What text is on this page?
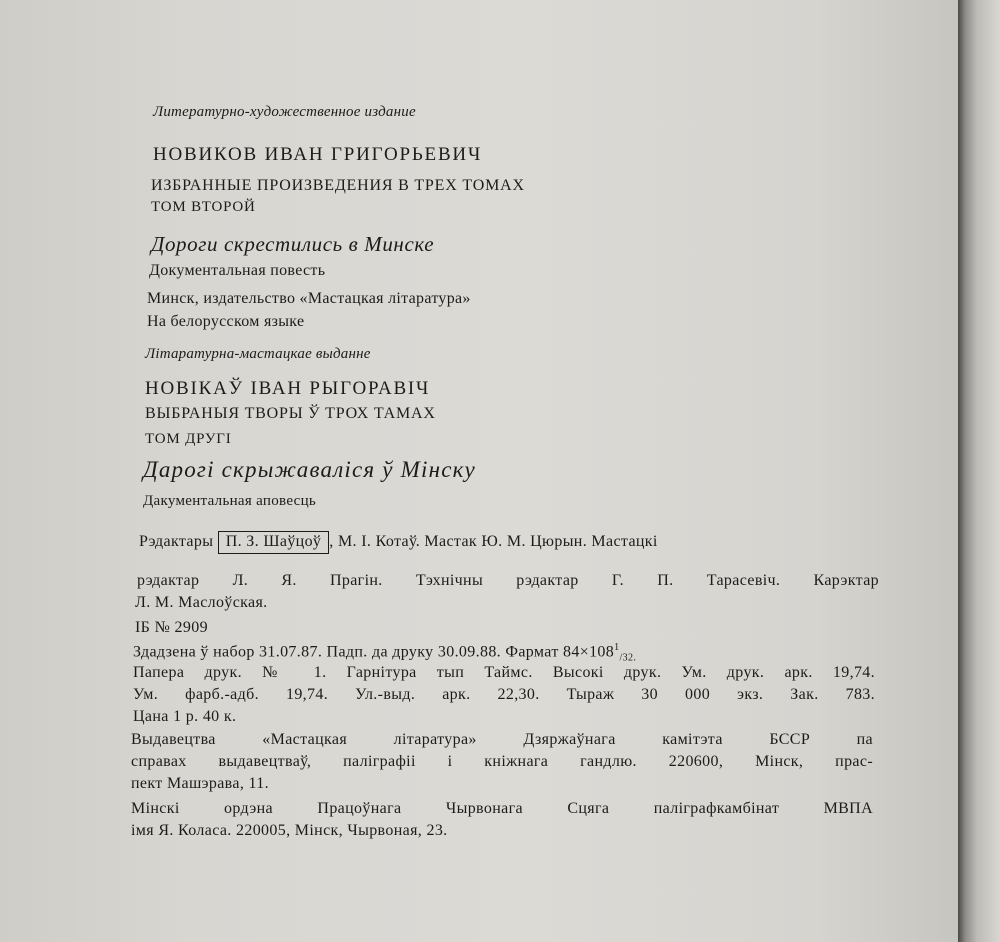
Литературно-художественное издание

НОВИКОВ ИВАН ГРИГОРЬЕВИЧ

ИЗБРАННЫЕ ПРОИЗВЕДЕНИЯ В ТРЕХ ТОМАХ

ТОМ ВТОРОЙ

Дороги скрестились в Минске

Документальная повесть

Минск, издательство «Мастацкая літаратура»

На белорусском языке

Літаратурна-мастацкае выданне

НОВІКАЎ ІВАН РЫГОРАВІЧ

ВЫБРАНЫЯ ТВОРЫ Ў ТРОХ ТАМАХ

ТОМ ДРУГІ

Дарогі скрыжаваліся ў Мінску

Дакументальная аповесць

Рэдактары П. З. Шаўцоў , М. І. Котаў. Мастак Ю. М. Цюрын. Мастацкі

рэдактар Л. Я. Прагін. Тэхнічны рэдактар Г. П. Тарасевіч. Карэктар

Л. М. Маслоўская.

ІБ № 2909

Здадзена ў набор 31.07.87. Падп. да друку 30.09.88. Фармат $84\times 108^1_{/32.}$

Папера друк. № 1. Гарнітура тып Таймс. Высокі друк. Ум. друк. арк. 19,74.

Ум. фарб.-адб. 19,74. Ул.-выд. арк. 22,30. Тыраж 30 000 экз. Зак. 783.

Цана 1 р. 40 к.

Выдавецтва «Мастацкая літаратура» Дзяржаўнага камітэта БССР па

справах выдавецтваў, паліграфіі і кніжнага гандлю. 220600, Мінск, прас-

пект Машэрава, 11.

Мінскі ордэна Працоўнага Чырвонага Сцяга паліграфкамбінат МВПА

імя Я. Коласа. 220005, Мінск, Чырвоная, 23.
